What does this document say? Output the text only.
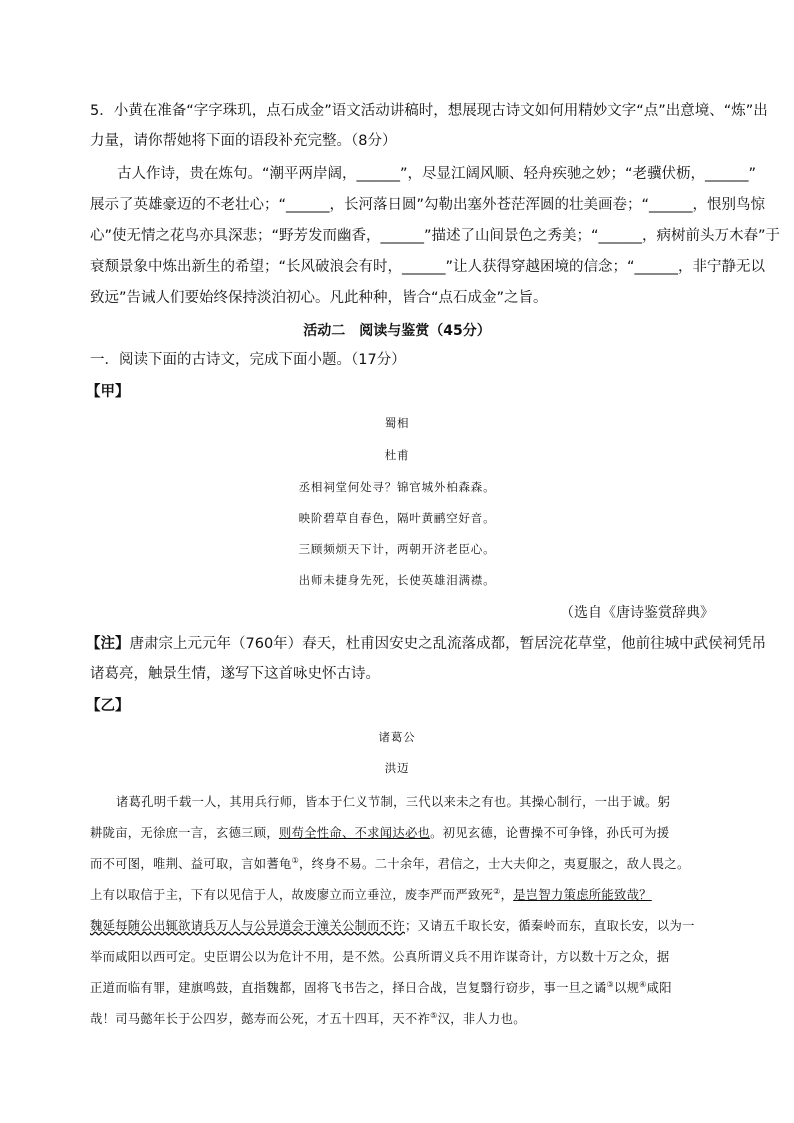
5．小黄在准备“字字珠玑，点石成金”语文活动讲稿时，想展现古诗文如何用精妙文字“点”出意境、“炼”出
力量，请你帮她将下面的语段补充完整。（8分）
古人作诗，贵在炼句。“潮平两岸阔，______”，尽显江阔风顺、轻舟疾驰之妙；“老骥伏枥，______”
展示了英雄豪迈的不老壮心；“______，长河落日圆”勾勒出塞外苍茫浑圆的壮美画卷；“______，恨别鸟惊
心”使无情之花鸟亦具深悲；“野芳发而幽香，______”描述了山间景色之秀美；“______，病树前头万木春”于
衰颓景象中炼出新生的希望；“长风破浪会有时，______”让人获得穿越困境的信念；“______，非宁静无以
致远”告诫人们要始终保持淡泊初心。凡此种种，皆合“点石成金”之旨。
活动二　阅读与鉴赏（45分）
一．阅读下面的古诗文，完成下面小题。（17分）
【甲】
蜀相
杜甫
丞相祠堂何处寻？锦官城外柏森森。
映阶碧草自春色，隔叶黄鹂空好音。
三顾频烦天下计，两朝开济老臣心。
出师未捷身先死，长使英雄泪满襟。
（选自《唐诗鉴赏辞典》
【注】唐肃宗上元元年（760年）春天，杜甫因安史之乱流落成都，暂居浣花草堂，他前往城中武侯祠凭吊
诸葛亮，触景生情，遂写下这首咏史怀古诗。
【乙】
诸葛公
洪迈
诸葛孔明千载一人，其用兵行师，皆本于仁义节制，三代以来未之有也。其操心制行，一出于诚。躬
耕陇亩，无徐庶一言，玄德三顾，则苟全性命、不求闻达必也。初见玄德，论曹操不可争锋，孙氏可为援
而不可图，唯荆、益可取，言如蓍龟①，终身不易。二十余年，君信之，士大夫仰之，夷夏服之，敌人畏之。
上有以取信于主，下有以见信于人，故废廖立而立垂泣，废李严而严致死②，是岂智力策虑所能致哉？
魏延每随公出辄欲请兵万人与公异道会于潼关公制而不许；又请五千取长安，循秦岭而东，直取长安，以为一
举而咸阳以西可定。史臣谓公以为危计不用，是不然。公真所谓义兵不用诈谋奇计，方以数十万之众，据
正道而临有罪，建旗鸣鼓，直指魏都，固将飞书告之，择日合战，岂复翳行窃步，事一旦之谲③以规④咸阳
哉！司马懿年长于公四岁，懿寿而公死，才五十四耳，天不祚⑤汉，非人力也。
